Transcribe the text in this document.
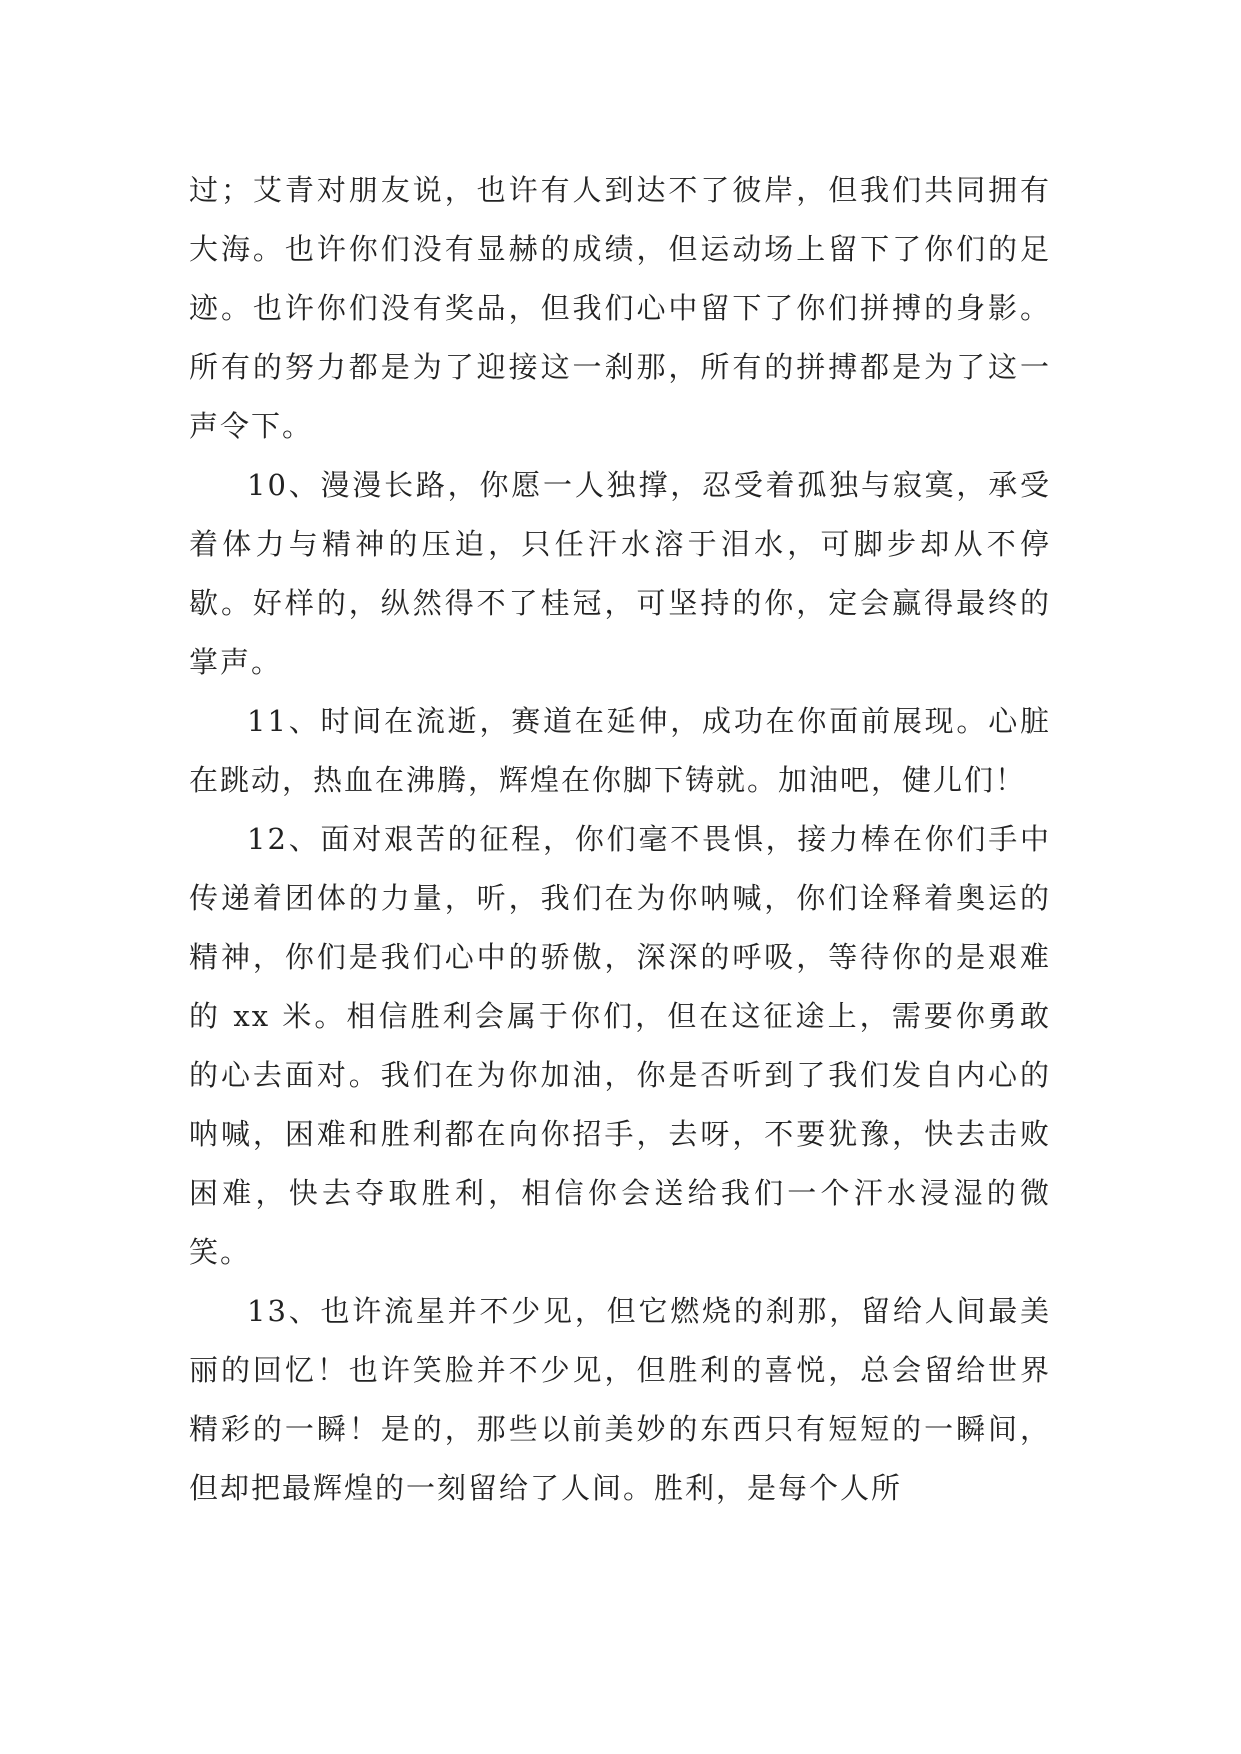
过；艾青对朋友说，也许有人到达不了彼岸，但我们共同拥有大海。也许你们没有显赫的成绩，但运动场上留下了你们的足迹。也许你们没有奖品，但我们心中留下了你们拼搏的身影。所有的努力都是为了迎接这一刹那，所有的拼搏都是为了这一声令下。

10、漫漫长路，你愿一人独撑，忍受着孤独与寂寞，承受着体力与精神的压迫，只任汗水溶于泪水，可脚步却从不停歇。好样的，纵然得不了桂冠，可坚持的你，定会赢得最终的掌声。

11、时间在流逝，赛道在延伸，成功在你面前展现。心脏在跳动，热血在沸腾，辉煌在你脚下铸就。加油吧，健儿们！

12、面对艰苦的征程，你们毫不畏惧，接力棒在你们手中传递着团体的力量，听，我们在为你呐喊，你们诠释着奥运的精神，你们是我们心中的骄傲，深深的呼吸，等待你的是艰难的 xx 米。相信胜利会属于你们，但在这征途上，需要你勇敢的心去面对。我们在为你加油，你是否听到了我们发自内心的呐喊，困难和胜利都在向你招手，去呀，不要犹豫，快去击败困难，快去夺取胜利，相信你会送给我们一个汗水浸湿的微笑。

13、也许流星并不少见，但它燃烧的刹那，留给人间最美丽的回忆！也许笑脸并不少见，但胜利的喜悦，总会留给世界精彩的一瞬！是的，那些以前美妙的东西只有短短的一瞬间，但却把最辉煌的一刻留给了人间。胜利，是每个人所
